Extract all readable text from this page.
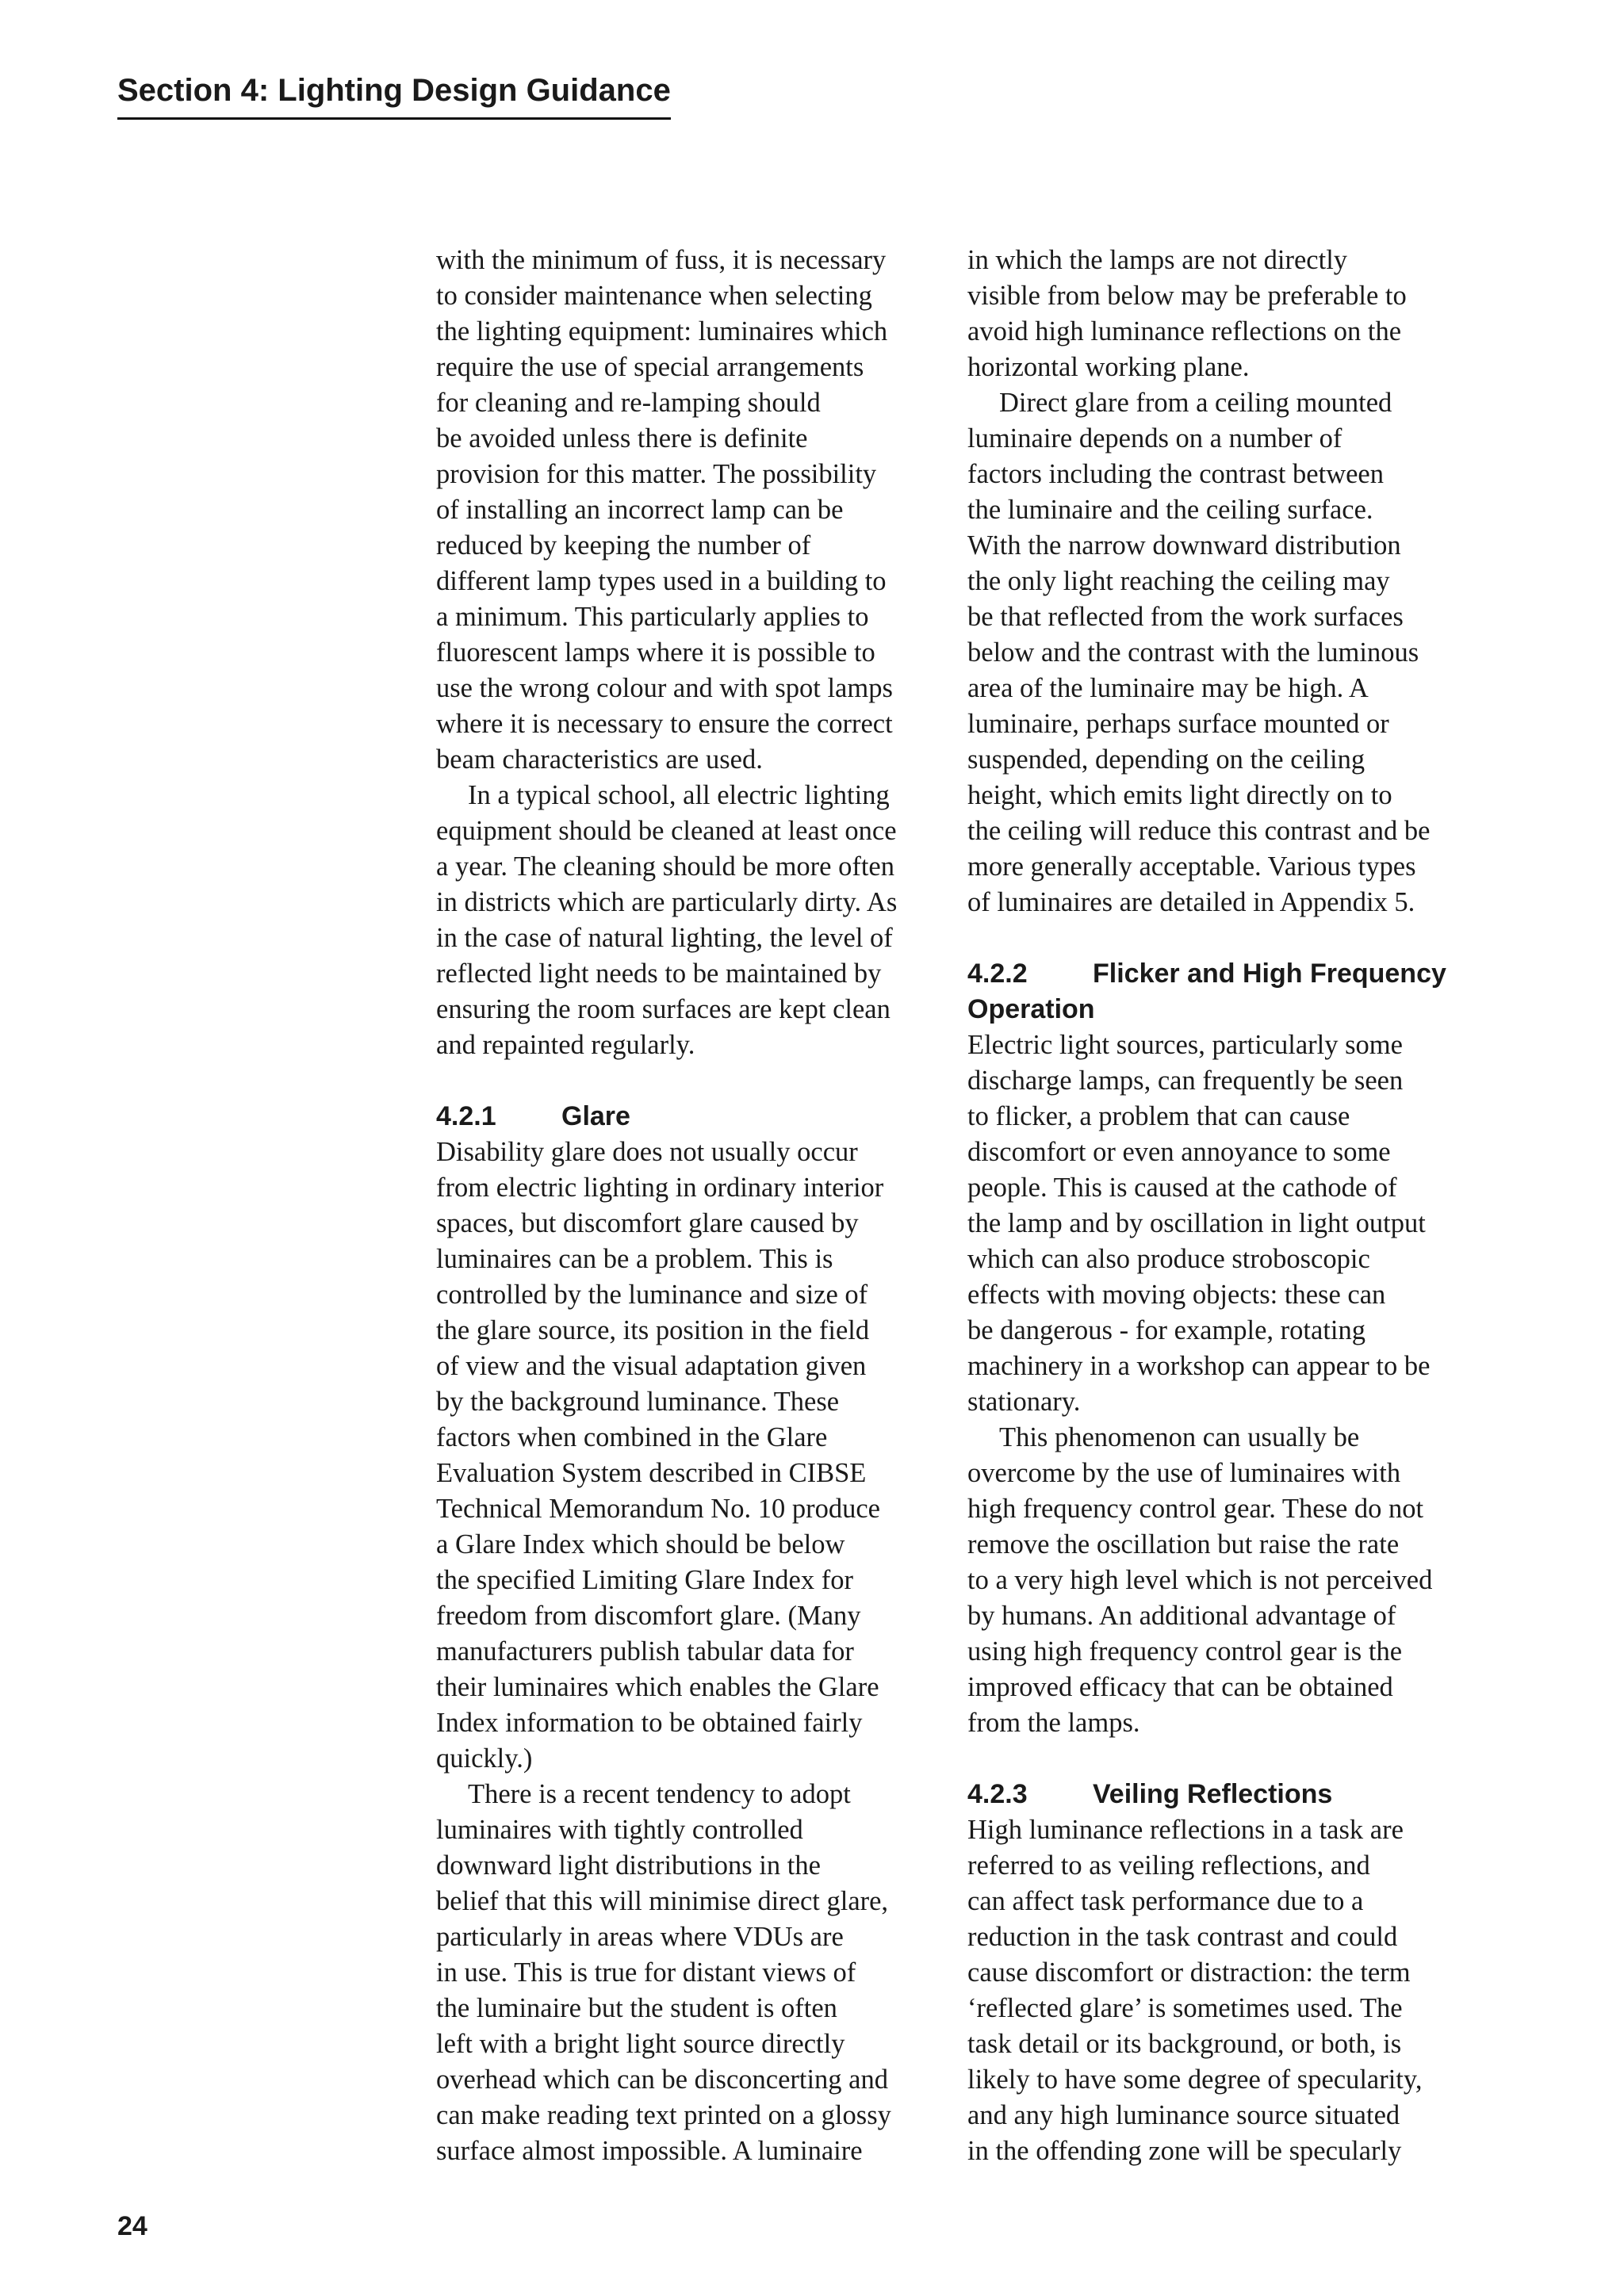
Section 4: Lighting Design Guidance
with the minimum of fuss, it is necessary
to consider maintenance when selecting
the lighting equipment: luminaires which
require the use of special arrangements
for cleaning and re-lamping should
be avoided unless there is definite
provision for this matter. The possibility
of installing an incorrect lamp can be
reduced by keeping the number of
different lamp types used in a building to
a minimum. This particularly applies to
fluorescent lamps where it is possible to
use the wrong colour and with spot lamps
where it is necessary to ensure the correct
beam characteristics are used.
In a typical school, all electric lighting
equipment should be cleaned at least once
a year. The cleaning should be more often
in districts which are particularly dirty. As
in the case of natural lighting, the level of
reflected light needs to be maintained by
ensuring the room surfaces are kept clean
and repainted regularly.
4.2.1 Glare
Disability glare does not usually occur
from electric lighting in ordinary interior
spaces, but discomfort glare caused by
luminaires can be a problem. This is
controlled by the luminance and size of
the glare source, its position in the field
of view and the visual adaptation given
by the background luminance. These
factors when combined in the Glare
Evaluation System described in CIBSE
Technical Memorandum No. 10 produce
a Glare Index which should be below
the specified Limiting Glare Index for
freedom from discomfort glare. (Many
manufacturers publish tabular data for
their luminaires which enables the Glare
Index information to be obtained fairly
quickly.)
There is a recent tendency to adopt
luminaires with tightly controlled
downward light distributions in the
belief that this will minimise direct glare,
particularly in areas where VDUs are
in use. This is true for distant views of
the luminaire but the student is often
left with a bright light source directly
overhead which can be disconcerting and
can make reading text printed on a glossy
surface almost impossible. A luminaire
in which the lamps are not directly
visible from below may be preferable to
avoid high luminance reflections on the
horizontal working plane.
Direct glare from a ceiling mounted
luminaire depends on a number of
factors including the contrast between
the luminaire and the ceiling surface.
With the narrow downward distribution
the only light reaching the ceiling may
be that reflected from the work surfaces
below and the contrast with the luminous
area of the luminaire may be high. A
luminaire, perhaps surface mounted or
suspended, depending on the ceiling
height, which emits light directly on to
the ceiling will reduce this contrast and be
more generally acceptable. Various types
of luminaires are detailed in Appendix 5.
4.2.2 Flicker and High Frequency
Operation
Electric light sources, particularly some
discharge lamps, can frequently be seen
to flicker, a problem that can cause
discomfort or even annoyance to some
people. This is caused at the cathode of
the lamp and by oscillation in light output
which can also produce stroboscopic
effects with moving objects: these can
be dangerous - for example, rotating
machinery in a workshop can appear to be
stationary.
This phenomenon can usually be
overcome by the use of luminaires with
high frequency control gear. These do not
remove the oscillation but raise the rate
to a very high level which is not perceived
by humans. An additional advantage of
using high frequency control gear is the
improved efficacy that can be obtained
from the lamps.
4.2.3 Veiling Reflections
High luminance reflections in a task are
referred to as veiling reflections, and
can affect task performance due to a
reduction in the task contrast and could
cause discomfort or distraction: the term
‘reflected glare’ is sometimes used. The
task detail or its background, or both, is
likely to have some degree of specularity,
and any high luminance source situated
in the offending zone will be specularly
24
